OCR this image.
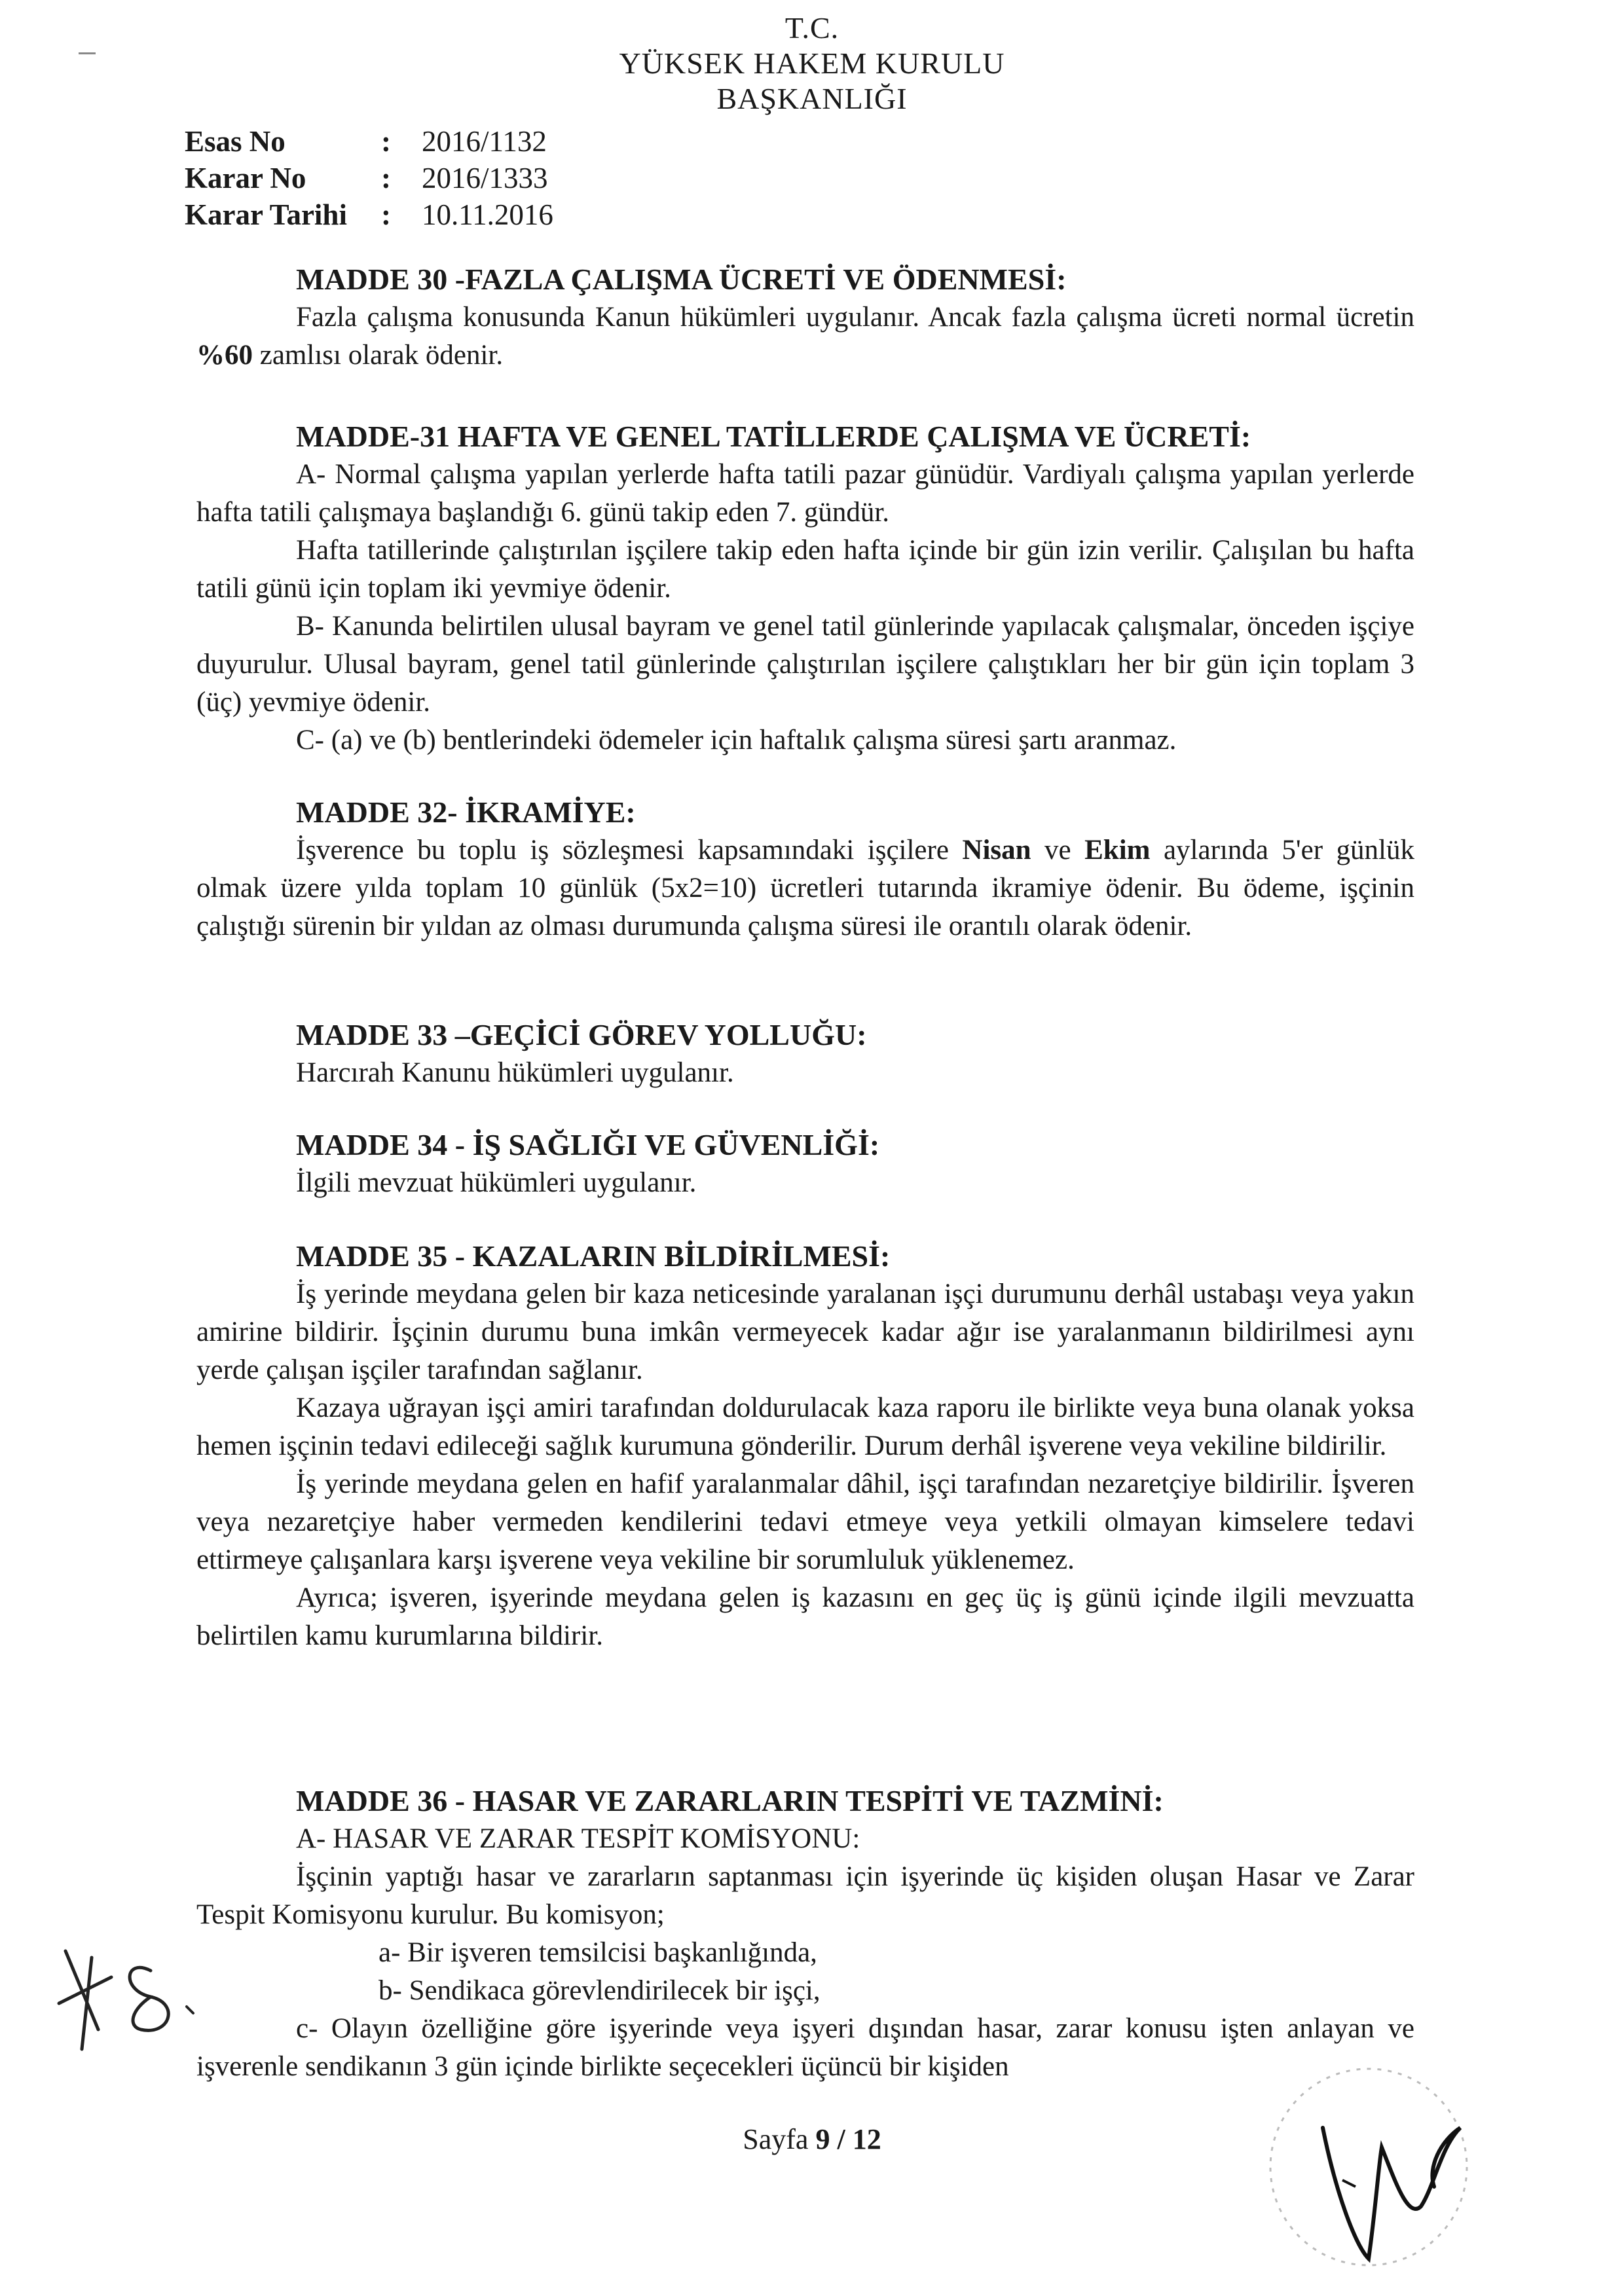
T.C.
YÜKSEK HAKEM KURULU
BAŞKANLIĞI
Esas No	: 2016/1132
Karar No	: 2016/1333
Karar Tarihi : 10.11.2016
MADDE 30 -FAZLA ÇALIŞMA ÜCRETİ VE ÖDENMESİ:

Fazla çalışma konusunda Kanun hükümleri uygulanır. Ancak fazla çalışma ücreti normal ücretin %60 zamlısı olarak ödenir.

MADDE-31 HAFTA VE GENEL TATİLLERDE ÇALIŞMA VE ÜCRETİ:

A- Normal çalışma yapılan yerlerde hafta tatili pazar günüdür. Vardiyalı çalışma yapılan yerlerde hafta tatili çalışmaya başlandığı 6. günü takip eden 7. gündür.

Hafta tatillerinde çalıştırılan işçilere takip eden hafta içinde bir gün izin verilir. Çalışılan bu hafta tatili günü için toplam iki yevmiye ödenir.

B- Kanunda belirtilen ulusal bayram ve genel tatil günlerinde yapılacak çalışmalar, önceden işçiye duyurulur. Ulusal bayram, genel tatil günlerinde çalıştırılan işçilere çalıştıkları her bir gün için toplam 3 (üç) yevmiye ödenir.

C- (a) ve (b) bentlerindeki ödemeler için haftalık çalışma süresi şartı aranmaz.

MADDE 32- İKRAMİYE:

İşverence bu toplu iş sözleşmesi kapsamındaki işçilere Nisan ve Ekim aylarında 5'er günlük olmak üzere yılda toplam 10 günlük (5x2=10) ücretleri tutarında ikramiye ödenir. Bu ödeme, işçinin çalıştığı sürenin bir yıldan az olması durumunda çalışma süresi ile orantılı olarak ödenir.

MADDE 33 –GEÇİCİ GÖREV YOLLUĞU:

Harcırah Kanunu hükümleri uygulanır.

MADDE 34 - İŞ SAĞLIĞI VE GÜVENLİĞİ:

İlgili mevzuat hükümleri uygulanır.

MADDE 35 - KAZALARIN BİLDİRİLMESİ:

İş yerinde meydana gelen bir kaza neticesinde yaralanan işçi durumunu derhâl ustabaşı veya yakın amirine bildirir. İşçinin durumu buna imkân vermeyecek kadar ağır ise yaralanmanın bildirilmesi aynı yerde çalışan işçiler tarafından sağlanır.

Kazaya uğrayan işçi amiri tarafından doldurulacak kaza raporu ile birlikte veya buna olanak yoksa hemen işçinin tedavi edileceği sağlık kurumuna gönderilir. Durum derhâl işverene veya vekiline bildirilir.

İş yerinde meydana gelen en hafif yaralanmalar dâhil, işçi tarafından nezaretçiye bildirilir. İşveren veya nezaretçiye haber vermeden kendilerini tedavi etmeye veya yetkili olmayan kimselere tedavi ettirmeye çalışanlara karşı işverene veya vekiline bir sorumluluk yüklenemez.

Ayrıca; işveren, işyerinde meydana gelen iş kazasını en geç üç iş günü içinde ilgili mevzuatta belirtilen kamu kurumlarına bildirir.

MADDE 36 - HASAR VE ZARARLARIN TESPİTİ VE TAZMİNİ:

A- HASAR VE ZARAR TESPİT KOMİSYONU:

İşçinin yaptığı hasar ve zararların saptanması için işyerinde üç kişiden oluşan Hasar ve Zarar Tespit Komisyonu kurulur. Bu komisyon;

a- Bir işveren temsilcisi başkanlığında,

b- Sendikaca görevlendirilecek bir işçi,

c- Olayın özelliğine göre işyerinde veya işyeri dışından hasar, zarar konusu işten anlayan ve işverenle sendikanın 3 gün içinde birlikte seçecekleri üçüncü bir kişiden

Sayfa 9 / 12
